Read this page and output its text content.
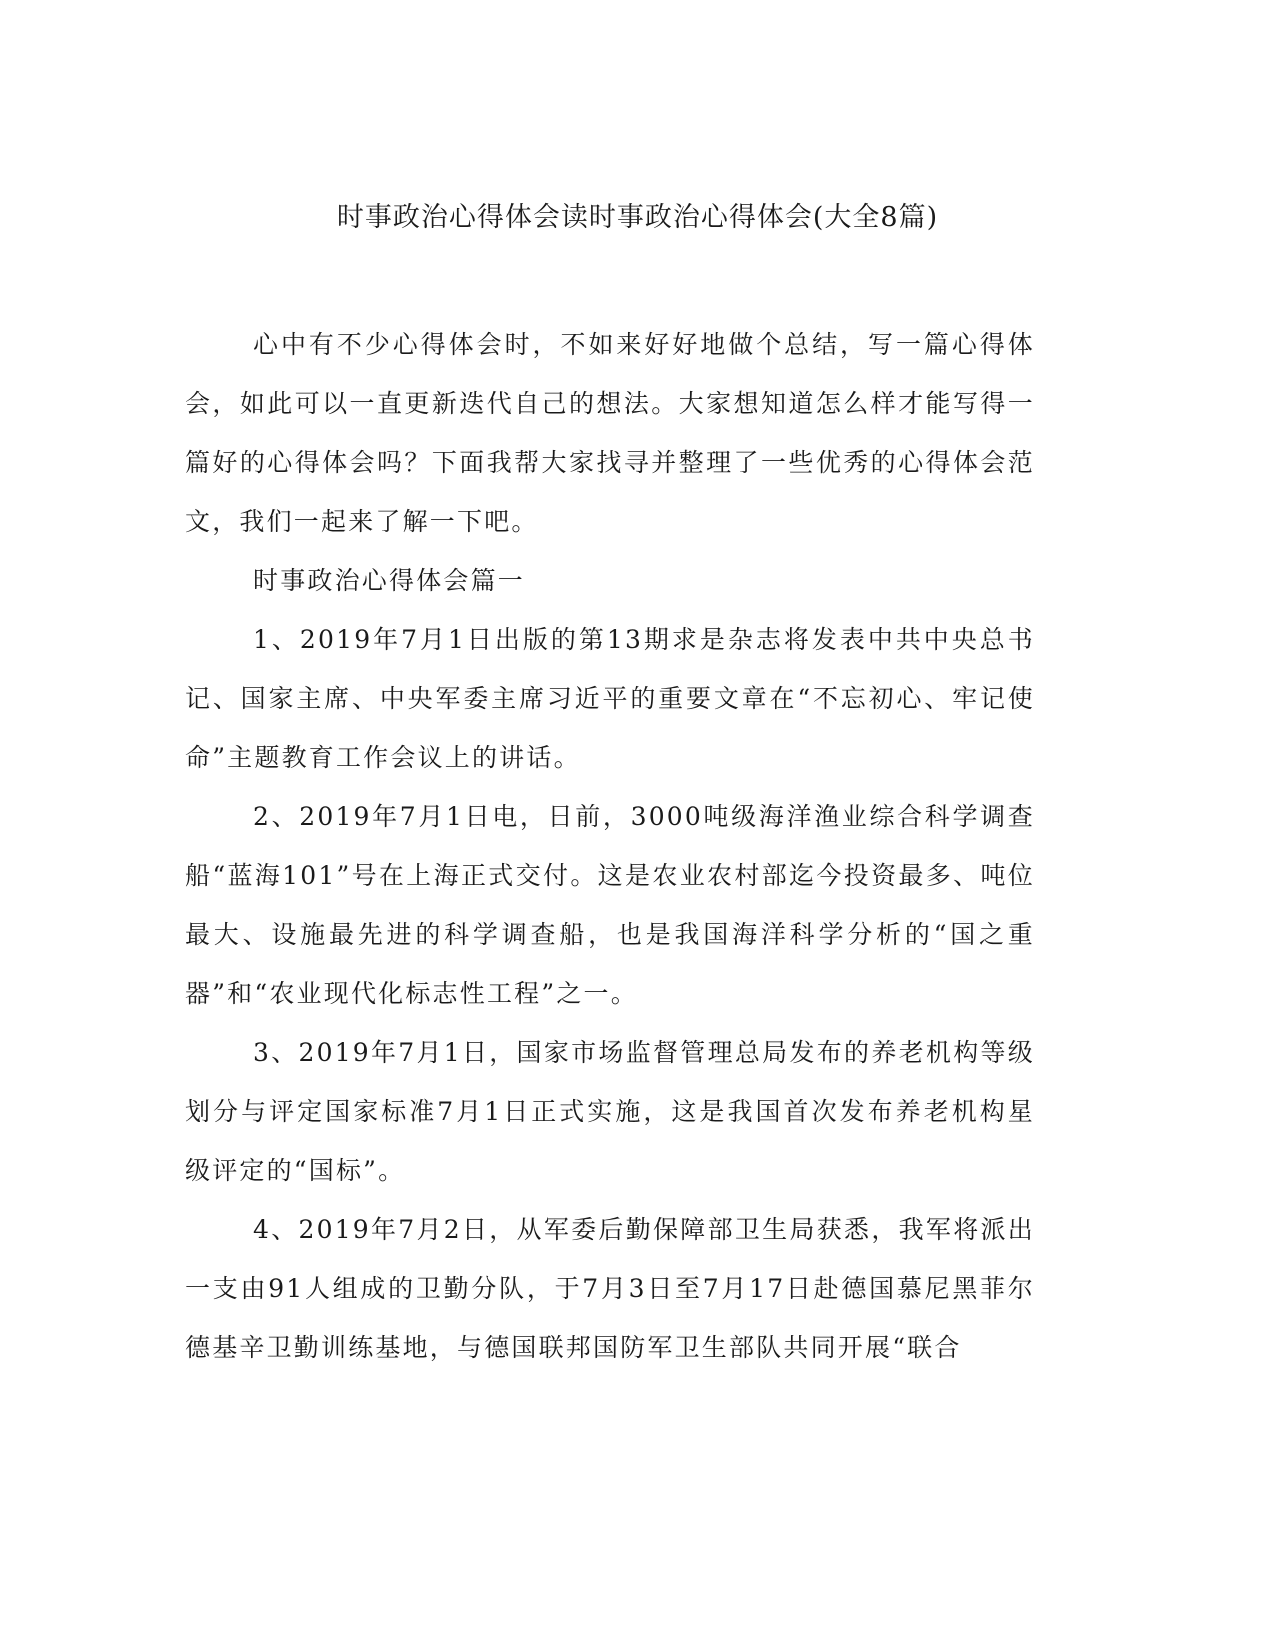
时事政治心得体会读时事政治心得体会(大全8篇)

心中有不少心得体会时，不如来好好地做个总结，写一篇心得体会，如此可以一直更新迭代自己的想法。大家想知道怎么样才能写得一篇好的心得体会吗？下面我帮大家找寻并整理了一些优秀的心得体会范文，我们一起来了解一下吧。

时事政治心得体会篇一

1、2019年7月1日出版的第13期求是杂志将发表中共中央总书记、国家主席、中央军委主席习近平的重要文章在“不忘初心、牢记使命”主题教育工作会议上的讲话。

2、2019年7月1日电，日前，3000吨级海洋渔业综合科学调查船“蓝海101”号在上海正式交付。这是农业农村部迄今投资最多、吨位最大、设施最先进的科学调查船，也是我国海洋科学分析的“国之重器”和“农业现代化标志性工程”之一。

3、2019年7月1日，国家市场监督管理总局发布的养老机构等级划分与评定国家标准7月1日正式实施，这是我国首次发布养老机构星级评定的“国标”。

4、2019年7月2日，从军委后勤保障部卫生局获悉，我军将派出一支由91人组成的卫勤分队，于7月3日至7月17日赴德国慕尼黑菲尔德基辛卫勤训练基地，与德国联邦国防军卫生部队共同开展“联合
